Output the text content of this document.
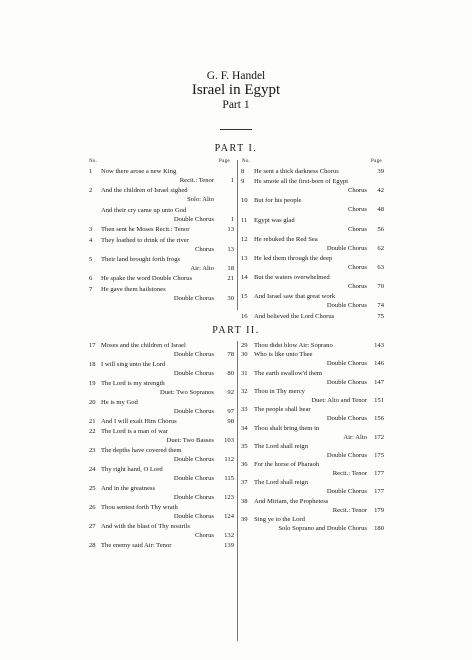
G. F. Handel
Israel in Egypt
Part 1
PART I.
No.	Page No.	Page
1 Now there arose a new King
Recit.: Tenor	1
2 And the children of Israel sighed
Solo: Alto
And their cry came up unto God
Double Chorus	1
3 Then sent he Moses Recit.: Tenor	13
4 They loathed to drink of the river
Chorus	13
5 Their land brought forth frogs
Air: Alto	18
6 He spake the word Double Chorus	21
7 He gave them hailstones
Double Chorus	30
8 He sent a thick darkness Chorus	39
9 He smote all the first-born of Egypt
Chorus	42
10 But for his people
Chorus	48
11 Egypt was glad
Chorus	56
12 He rebuked the Red Sea
Double Chorus	62
13 He led them through the deep
Chorus	63
14 But the waters overwhelmed
Chorus	70
15 And Israel saw that great work
Double Chorus	74
16 And believed the Lord Chorus	75
PART II.
17 Moses and the children of Israel
Double Chorus	78
18 I will sing unto the Lord
Double Chorus	80
19 The Lord is my strength
Duet: Two Sopranos	92
20 He is my God
Double Chorus	97
21 And I will exalt Him Chorus	98
22 The Lord is a man of war
Duet: Two Basses	103
23 The depths have covered them
Double Chorus	112
24 Thy right hand, O Lord
Double Chorus	115
25 And in the greatness
Double Chorus	123
26 Thou sentest forth Thy wrath
Double Chorus	124
27 And with the blast of Thy nostrils
Chorus	132
28 The enemy said Air: Tenor	139
29 Thou didst blow Air: Soprano	143
30 Who is like unto Thee
Double Chorus	146
31 The earth swallow'd them
Double Chorus	147
32 Thou in Thy mercy
Duet: Alto and Tenor	151
33 The people shall hear
Double Chorus	156
34 Thou shalt bring them in
Air: Alto	172
35 The Lord shall reign
Double Chorus	175
36 For the horse of Pharaoh
Recit.: Tenor	177
37 The Lord shall reign
Double Chorus	177
38 And Miriam, the Prophetess
Recit.: Tenor	179
39 Sing ye to the Lord
Solo Soprano and Double Chorus	180
